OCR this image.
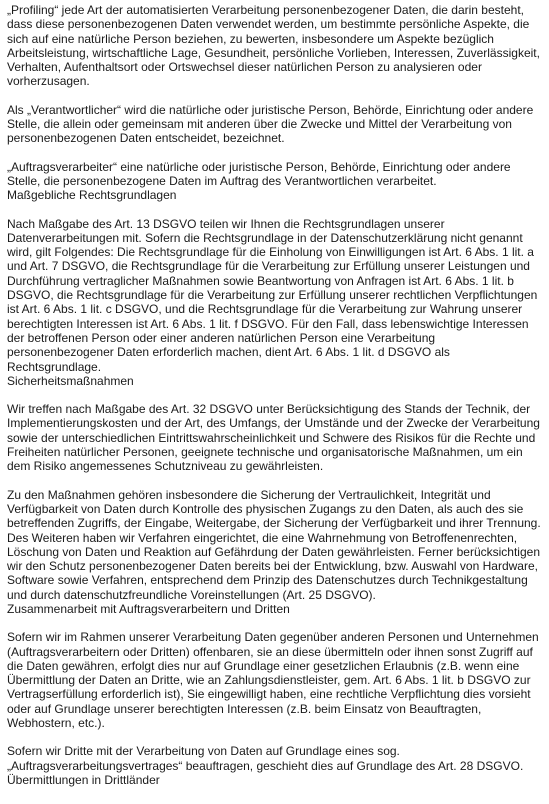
„Profiling“ jede Art der automatisierten Verarbeitung personenbezogener Daten, die darin besteht, dass diese personenbezogenen Daten verwendet werden, um bestimmte persönliche Aspekte, die sich auf eine natürliche Person beziehen, zu bewerten, insbesondere um Aspekte bezüglich Arbeitsleistung, wirtschaftliche Lage, Gesundheit, persönliche Vorlieben, Interessen, Zuverlässigkeit, Verhalten, Aufenthaltsort oder Ortswechsel dieser natürlichen Person zu analysieren oder vorherzusagen.

Als „Verantwortlicher“ wird die natürliche oder juristische Person, Behörde, Einrichtung oder andere Stelle, die allein oder gemeinsam mit anderen über die Zwecke und Mittel der Verarbeitung von personenbezogenen Daten entscheidet, bezeichnet.

„Auftragsverarbeiter“ eine natürliche oder juristische Person, Behörde, Einrichtung oder andere Stelle, die personenbezogene Daten im Auftrag des Verantwortlichen verarbeitet.

Maßgebliche Rechtsgrundlagen

Nach Maßgabe des Art. 13 DSGVO teilen wir Ihnen die Rechtsgrundlagen unserer Datenverarbeitungen mit. Sofern die Rechtsgrundlage in der Datenschutzerklärung nicht genannt wird, gilt Folgendes: Die Rechtsgrundlage für die Einholung von Einwilligungen ist Art. 6 Abs. 1 lit. a und Art. 7 DSGVO, die Rechtsgrundlage für die Verarbeitung zur Erfüllung unserer Leistungen und Durchführung vertraglicher Maßnahmen sowie Beantwortung von Anfragen ist Art. 6 Abs. 1 lit. b DSGVO, die Rechtsgrundlage für die Verarbeitung zur Erfüllung unserer rechtlichen Verpflichtungen ist Art. 6 Abs. 1 lit. c DSGVO, und die Rechtsgrundlage für die Verarbeitung zur Wahrung unserer berechtigten Interessen ist Art. 6 Abs. 1 lit. f DSGVO. Für den Fall, dass lebenswichtige Interessen der betroffenen Person oder einer anderen natürlichen Person eine Verarbeitung personenbezogener Daten erforderlich machen, dient Art. 6 Abs. 1 lit. d DSGVO als Rechtsgrundlage.

Sicherheitsmaßnahmen

Wir treffen nach Maßgabe des Art. 32 DSGVO unter Berücksichtigung des Stands der Technik, der Implementierungskosten und der Art, des Umfangs, der Umstände und der Zwecke der Verarbeitung sowie der unterschiedlichen Eintrittswahrscheinlichkeit und Schwere des Risikos für die Rechte und Freiheiten natürlicher Personen, geeignete technische und organisatorische Maßnahmen, um ein dem Risiko angemessenes Schutzniveau zu gewährleisten.

Zu den Maßnahmen gehören insbesondere die Sicherung der Vertraulichkeit, Integrität und Verfügbarkeit von Daten durch Kontrolle des physischen Zugangs zu den Daten, als auch des sie betreffenden Zugriffs, der Eingabe, Weitergabe, der Sicherung der Verfügbarkeit und ihrer Trennung. Des Weiteren haben wir Verfahren eingerichtet, die eine Wahrnehmung von Betroffenenrechten, Löschung von Daten und Reaktion auf Gefährdung der Daten gewährleisten. Ferner berücksichtigen wir den Schutz personenbezogener Daten bereits bei der Entwicklung, bzw. Auswahl von Hardware, Software sowie Verfahren, entsprechend dem Prinzip des Datenschutzes durch Technikgestaltung und durch datenschutzfreundliche Voreinstellungen (Art. 25 DSGVO).

Zusammenarbeit mit Auftragsverarbeitern und Dritten

Sofern wir im Rahmen unserer Verarbeitung Daten gegenüber anderen Personen und Unternehmen (Auftragsverarbeitern oder Dritten) offenbaren, sie an diese übermitteln oder ihnen sonst Zugriff auf die Daten gewähren, erfolgt dies nur auf Grundlage einer gesetzlichen Erlaubnis (z.B. wenn eine Übermittlung der Daten an Dritte, wie an Zahlungsdienstleister, gem. Art. 6 Abs. 1 lit. b DSGVO zur Vertragserfüllung erforderlich ist), Sie eingewilligt haben, eine rechtliche Verpflichtung dies vorsieht oder auf Grundlage unserer berechtigten Interessen (z.B. beim Einsatz von Beauftragten, Webhostern, etc.).

Sofern wir Dritte mit der Verarbeitung von Daten auf Grundlage eines sog. „Auftragsverarbeitungsvertrages“ beauftragen, geschieht dies auf Grundlage des Art. 28 DSGVO.

Übermittlungen in Drittländer
